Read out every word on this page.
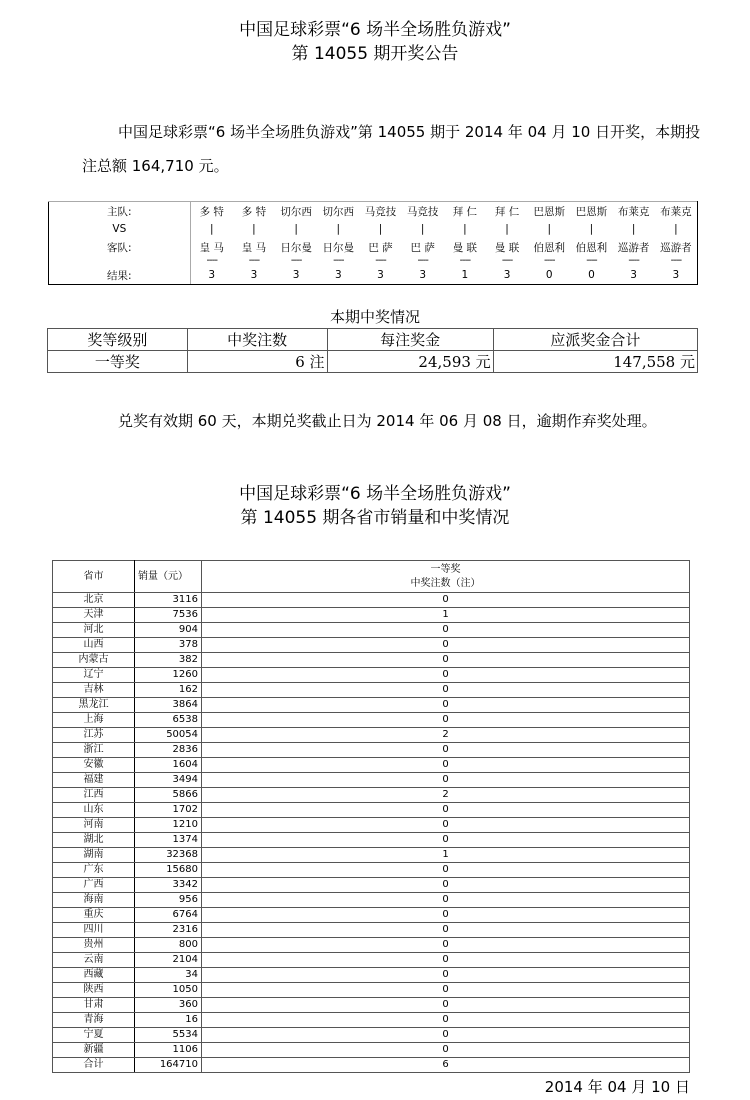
中国足球彩票“6 场半全场胜负游戏”
第 14055 期开奖公告
中国足球彩票“6 场半全场胜负游戏”第 14055 期于 2014 年 04 月 10 日开奖，本期投注总额 164,710 元。
主队:	多 特	多 特	切尔西	切尔西	马竞技	马竞技	拜 仁	拜 仁	巴恩斯	巴恩斯	布莱克	布莱克
VS	|	|	|	|	|	|	|	|	|	|	|	|
客队:	皇 马	皇 马	日尔曼	日尔曼	巴 萨	巴 萨	曼 联	曼 联	伯恩利	伯恩利	巡游者	巡游者
	----	----	----	----	----	----	----	----	----	----	----	----
结果:	3	3	3	3	3	3	1	3	0	0	3	3
本期中奖情况
奖等级别	中奖注数	每注奖金	应派奖金合计
一等奖	6 注	24,593 元	147,558 元
兑奖有效期 60 天，本期兑奖截止日为 2014 年 06 月 08 日，逾期作弃奖处理。
中国足球彩票“6 场半全场胜负游戏”
第 14055 期各省市销量和中奖情况
省市	销量（元）	一等奖
中奖注数（注）

北京	3116	0
天津	7536	1
河北	904	0
山西	378	0
内蒙古	382	0
辽宁	1260	0
吉林	162	0
黑龙江	3864	0
上海	6538	0
江苏	50054	2
浙江	2836	0
安徽	1604	0
福建	3494	0
江西	5866	2
山东	1702	0
河南	1210	0
湖北	1374	0
湖南	32368	1
广东	15680	0
广西	3342	0
海南	956	0
重庆	6764	0
四川	2316	0
贵州	800	0
云南	2104	0
西藏	34	0
陕西	1050	0
甘肃	360	0
青海	16	0
宁夏	5534	0
新疆	1106	0
合计	164710	6
2014 年 04 月 10 日
